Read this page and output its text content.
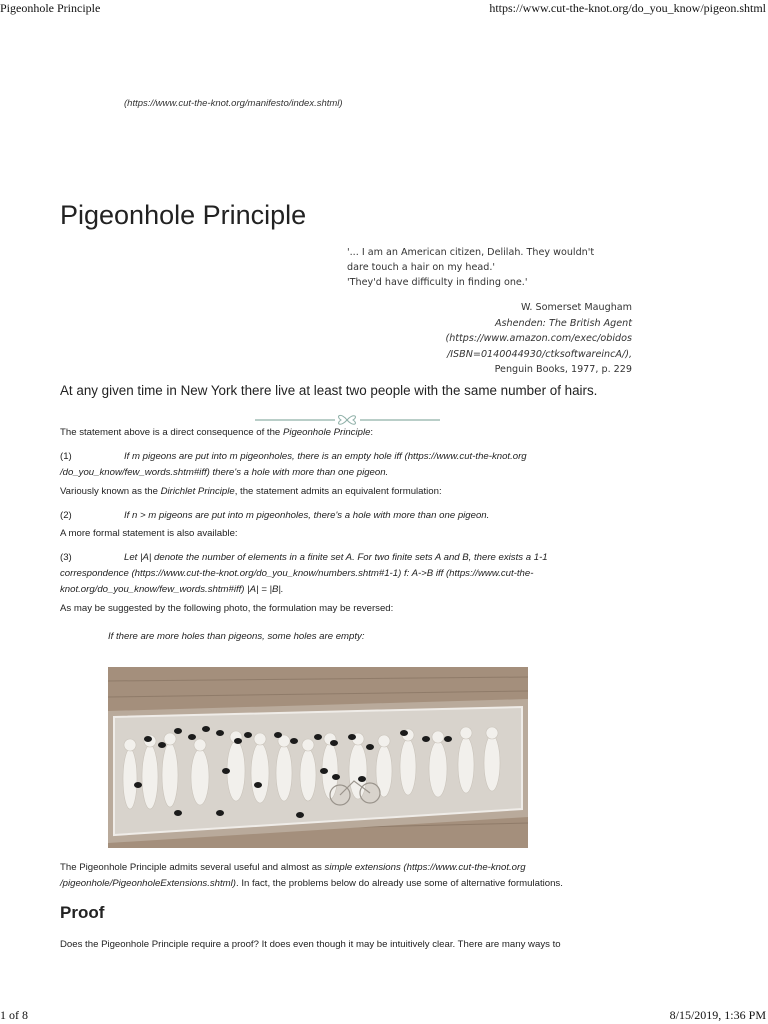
Pigeonhole Principle	https://www.cut-the-knot.org/do_you_know/pigeon.shtml
(https://www.cut-the-knot.org/manifesto/index.shtml)
Pigeonhole Principle
'... I am an American citizen, Delilah. They wouldn't
dare touch a hair on my head.'
'They'd have difficulty in finding one.'
W. Somerset Maugham
Ashenden: The British Agent
(https://www.amazon.com/exec/obidos
/ISBN=0140044930/ctksoftwareincA/),
Penguin Books, 1977, p. 229
At any given time in New York there live at least two people with the same number of hairs.
The statement above is a direct consequence of the Pigeonhole Principle:
(1)	If m pigeons are put into m pigeonholes, there is an empty hole iff (https://www.cut-the-knot.org
/do_you_know/few_words.shtm#iff) there's a hole with more than one pigeon.
Variously known as the Dirichlet Principle, the statement admits an equivalent formulation:
(2)	If n > m pigeons are put into m pigeonholes, there's a hole with more than one pigeon.
A more formal statement is also available:
(3)	Let |A| denote the number of elements in a finite set A. For two finite sets A and B, there exists a 1-1
correspondence (https://www.cut-the-knot.org/do_you_know/numbers.shtm#1-1) f: A->B iff (https://www.cut-the-
knot.org/do_you_know/few_words.shtm#iff) |A| = |B|.
As may be suggested by the following photo, the formulation may be reversed:
If there are more holes than pigeons, some holes are empty:
The Pigeonhole Principle admits several useful and almost as simple extensions (https://www.cut-the-knot.org
/pigeonhole/PigeonholeExtensions.shtml). In fact, the problems below do already use some of alternative formulations.
Proof
Does the Pigeonhole Principle require a proof? It does even though it may be intuitively clear. There are many ways to
1 of 8	8/15/2019, 1:36 PM
